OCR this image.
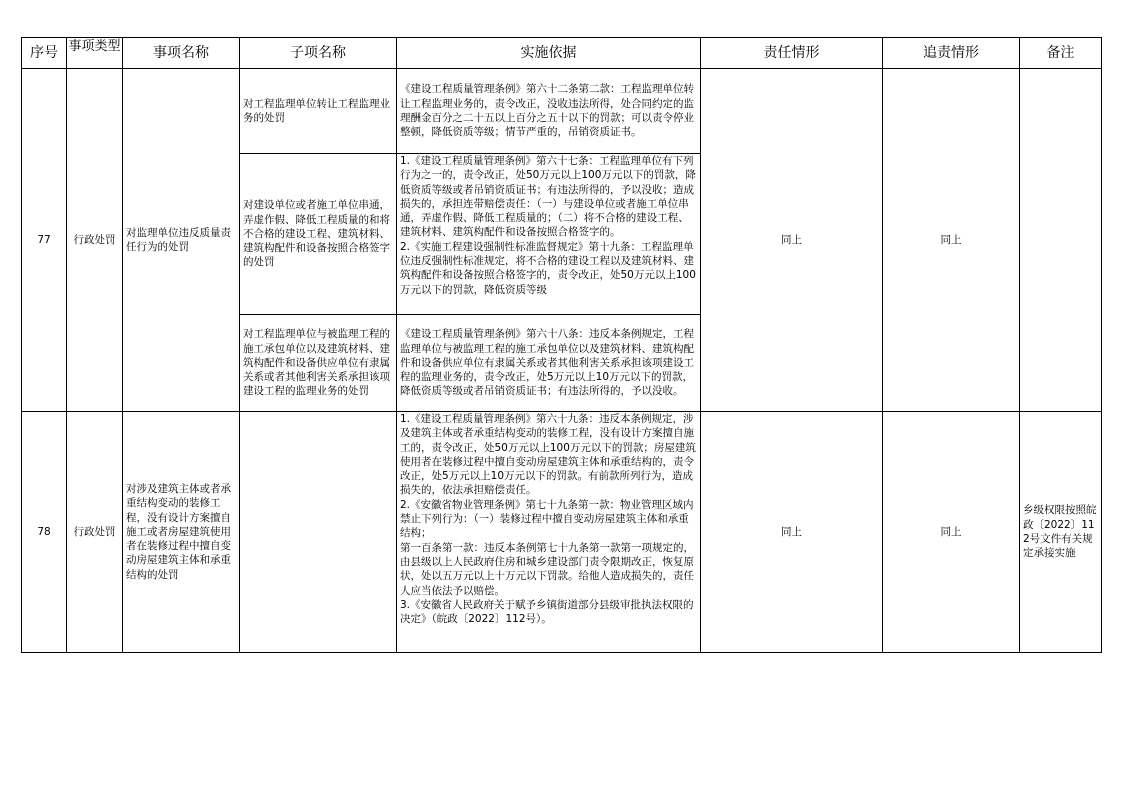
序号	事项类型	事项名称	子项名称	实施依据	责任情形	追责情形	备注

77	行政处罚	对监理单位违反质量责任行为的处罚	对工程监理单位转让工程监理业务的处罚	《建设工程质量管理条例》第六十二条第二款：工程监理单位转让工程监理业务的，责令改正，没收违法所得，处合同约定的监理酬金百分之二十五以上百分之五十以下的罚款；可以责令停业整顿，降低资质等级；情节严重的，吊销资质证书。	同上	同上	

			对建设单位或者施工单位串通，弄虚作假、降低工程质量的和将不合格的建设工程、建筑材料、建筑构配件和设备按照合格签字的处罚	1.《建设工程质量管理条例》第六十七条：工程监理单位有下列行为之一的，责令改正，处50万元以上100万元以下的罚款，降低资质等级或者吊销资质证书；有违法所得的，予以没收；造成损失的，承担连带赔偿责任：（一）与建设单位或者施工单位串通，弄虚作假、降低工程质量的；（二）将不合格的建设工程、建筑材料、建筑构配件和设备按照合格签字的。
2.《实施工程建设强制性标准监督规定》第十九条：工程监理单位违反强制性标准规定，将不合格的建设工程以及建筑材料、建筑构配件和设备按照合格签字的，责令改正，处50万元以上100万元以下的罚款，降低资质等级			

			对工程监理单位与被监理工程的施工承包单位以及建筑材料、建筑构配件和设备供应单位有隶属关系或者其他利害关系承担该项建设工程的监理业务的处罚	《建设工程质量管理条例》第六十八条：违反本条例规定，工程监理单位与被监理工程的施工承包单位以及建筑材料、建筑构配件和设备供应单位有隶属关系或者其他利害关系承担该项建设工程的监理业务的，责令改正，处5万元以上10万元以下的罚款，降低资质等级或者吊销资质证书；有违法所得的，予以没收。			

78	行政处罚	对涉及建筑主体或者承重结构变动的装修工程，没有设计方案擅自施工或者房屋建筑使用者在装修过程中擅自变动房屋建筑主体和承重结构的处罚		1.《建设工程质量管理条例》第六十九条：违反本条例规定，涉及建筑主体或者承重结构变动的装修工程，没有设计方案擅自施工的，责令改正，处50万元以上100万元以下的罚款；房屋建筑使用者在装修过程中擅自变动房屋建筑主体和承重结构的，责令改正，处5万元以上10万元以下的罚款。有前款所列行为，造成损失的，依法承担赔偿责任。
2.《安徽省物业管理条例》第七十九条第一款：物业管理区域内禁止下列行为：（一）装修过程中擅自变动房屋建筑主体和承重结构；
第一百条第一款：违反本条例第七十九条第一款第一项规定的，由县级以上人民政府住房和城乡建设部门责令限期改正，恢复原状，处以五万元以上十万元以下罚款。给他人造成损失的，责任人应当依法予以赔偿。
3.《安徽省人民政府关于赋予乡镇街道部分县级审批执法权限的决定》（皖政〔2022〕112号）。	同上	同上	乡级权限按照皖政〔2022〕112号文件有关规定承接实施
